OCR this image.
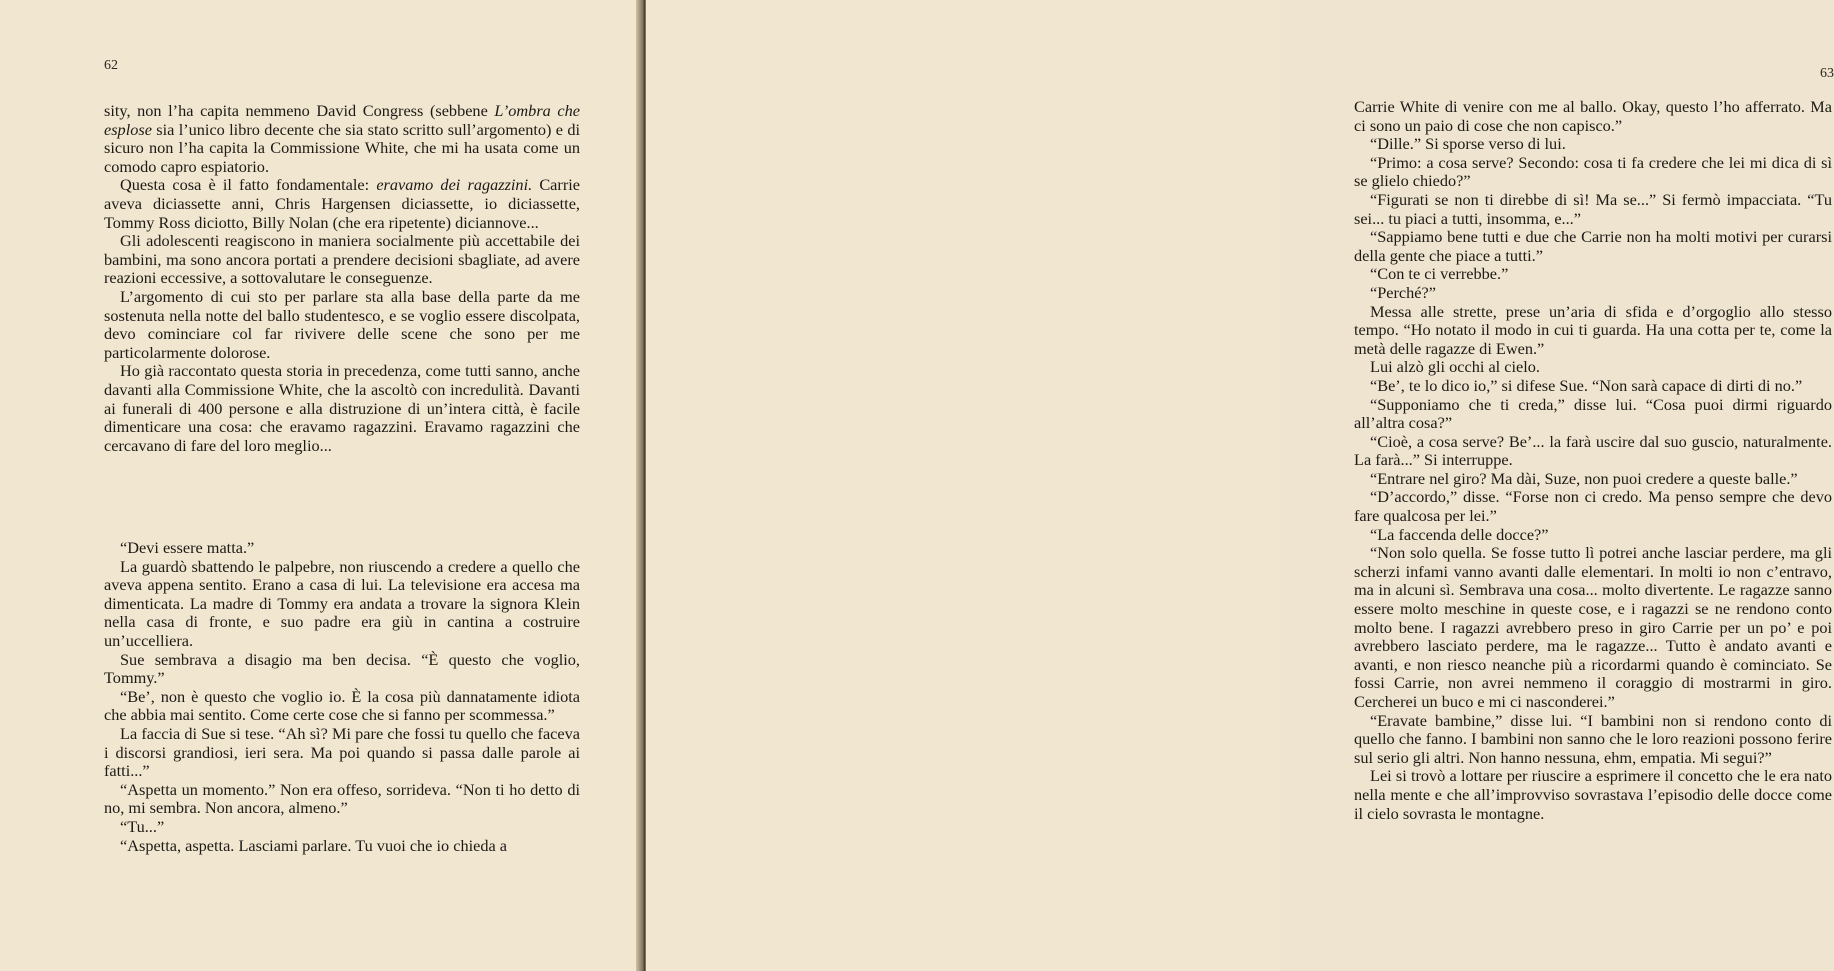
62

sity, non l’ha capita nemmeno David Congress (sebbene L’ombra che esplose sia l’unico libro decente che sia stato scritto sull’argomento) e di sicuro non l’ha capita la Commissione White, che mi ha usata come un comodo capro espiatorio.

Questa cosa è il fatto fondamentale: eravamo dei ragazzini. Carrie aveva diciassette anni, Chris Hargensen diciassette, io diciassette, Tommy Ross diciotto, Billy Nolan (che era ripetente) diciannove...

Gli adolescenti reagiscono in maniera socialmente più accettabile dei bambini, ma sono ancora portati a prendere decisioni sbagliate, ad avere reazioni eccessive, a sottovalutare le conseguenze.

L’argomento di cui sto per parlare sta alla base della parte da me sostenuta nella notte del ballo studentesco, e se voglio essere discolpata, devo cominciare col far rivivere delle scene che sono per me particolarmente dolorose.

Ho già raccontato questa storia in precedenza, come tutti sanno, anche davanti alla Commissione White, che la ascoltò con incredulità. Davanti ai funerali di 400 persone e alla distruzione di un’intera città, è facile dimenticare una cosa: che eravamo ragazzini. Eravamo ragazzini che cercavano di fare del loro meglio...

“Devi essere matta.”

La guardò sbattendo le palpebre, non riuscendo a credere a quello che aveva appena sentito. Erano a casa di lui. La televisione era accesa ma dimenticata. La madre di Tommy era andata a trovare la signora Klein nella casa di fronte, e suo padre era giù in cantina a costruire un’uccelliera.

Sue sembrava a disagio ma ben decisa. “È questo che voglio, Tommy.”

“Be’, non è questo che voglio io. È la cosa più dannatamente idiota che abbia mai sentito. Come certe cose che si fanno per scommessa.”

La faccia di Sue si tese. “Ah sì? Mi pare che fossi tu quello che faceva i discorsi grandiosi, ieri sera. Ma poi quando si passa dalle parole ai fatti...”

“Aspetta un momento.” Non era offeso, sorrideva. “Non ti ho detto di no, mi sembra. Non ancora, almeno.”

“Tu...”

“Aspetta, aspetta. Lasciami parlare. Tu vuoi che io chieda a

63

Carrie White di venire con me al ballo. Okay, questo l’ho afferrato. Ma ci sono un paio di cose che non capisco.”

“Dille.” Si sporse verso di lui.

“Primo: a cosa serve? Secondo: cosa ti fa credere che lei mi dica di sì se glielo chiedo?”

“Figurati se non ti direbbe di sì! Ma se...” Si fermò impacciata. “Tu sei... tu piaci a tutti, insomma, e...”

“Sappiamo bene tutti e due che Carrie non ha molti motivi per curarsi della gente che piace a tutti.”

“Con te ci verrebbe.”

“Perché?”

Messa alle strette, prese un’aria di sfida e d’orgoglio allo stesso tempo. “Ho notato il modo in cui ti guarda. Ha una cotta per te, come la metà delle ragazze di Ewen.”

Lui alzò gli occhi al cielo.

“Be’, te lo dico io,” si difese Sue. “Non sarà capace di dirti di no.”

“Supponiamo che ti creda,” disse lui. “Cosa puoi dirmi riguardo all’altra cosa?”

“Cioè, a cosa serve? Be’... la farà uscire dal suo guscio, naturalmente. La farà...” Si interruppe.

“Entrare nel giro? Ma dài, Suze, non puoi credere a queste balle.”

“D’accordo,” disse. “Forse non ci credo. Ma penso sempre che devo fare qualcosa per lei.”

“La faccenda delle docce?”

“Non solo quella. Se fosse tutto lì potrei anche lasciar perdere, ma gli scherzi infami vanno avanti dalle elementari. In molti io non c’entravo, ma in alcuni sì. Sembrava una cosa... molto divertente. Le ragazze sanno essere molto meschine in queste cose, e i ragazzi se ne rendono conto molto bene. I ragazzi avrebbero preso in giro Carrie per un po’ e poi avrebbero lasciato perdere, ma le ragazze... Tutto è andato avanti e avanti, e non riesco neanche più a ricordarmi quando è cominciato. Se fossi Carrie, non avrei nemmeno il coraggio di mostrarmi in giro. Cercherei un buco e mi ci nasconderei.”

“Eravate bambine,” disse lui. “I bambini non si rendono conto di quello che fanno. I bambini non sanno che le loro reazioni possono ferire sul serio gli altri. Non hanno nessuna, ehm, empatia. Mi segui?”

Lei si trovò a lottare per riuscire a esprimere il concetto che le era nato nella mente e che all’improvviso sovrastava l’episodio delle docce come il cielo sovrasta le montagne.
